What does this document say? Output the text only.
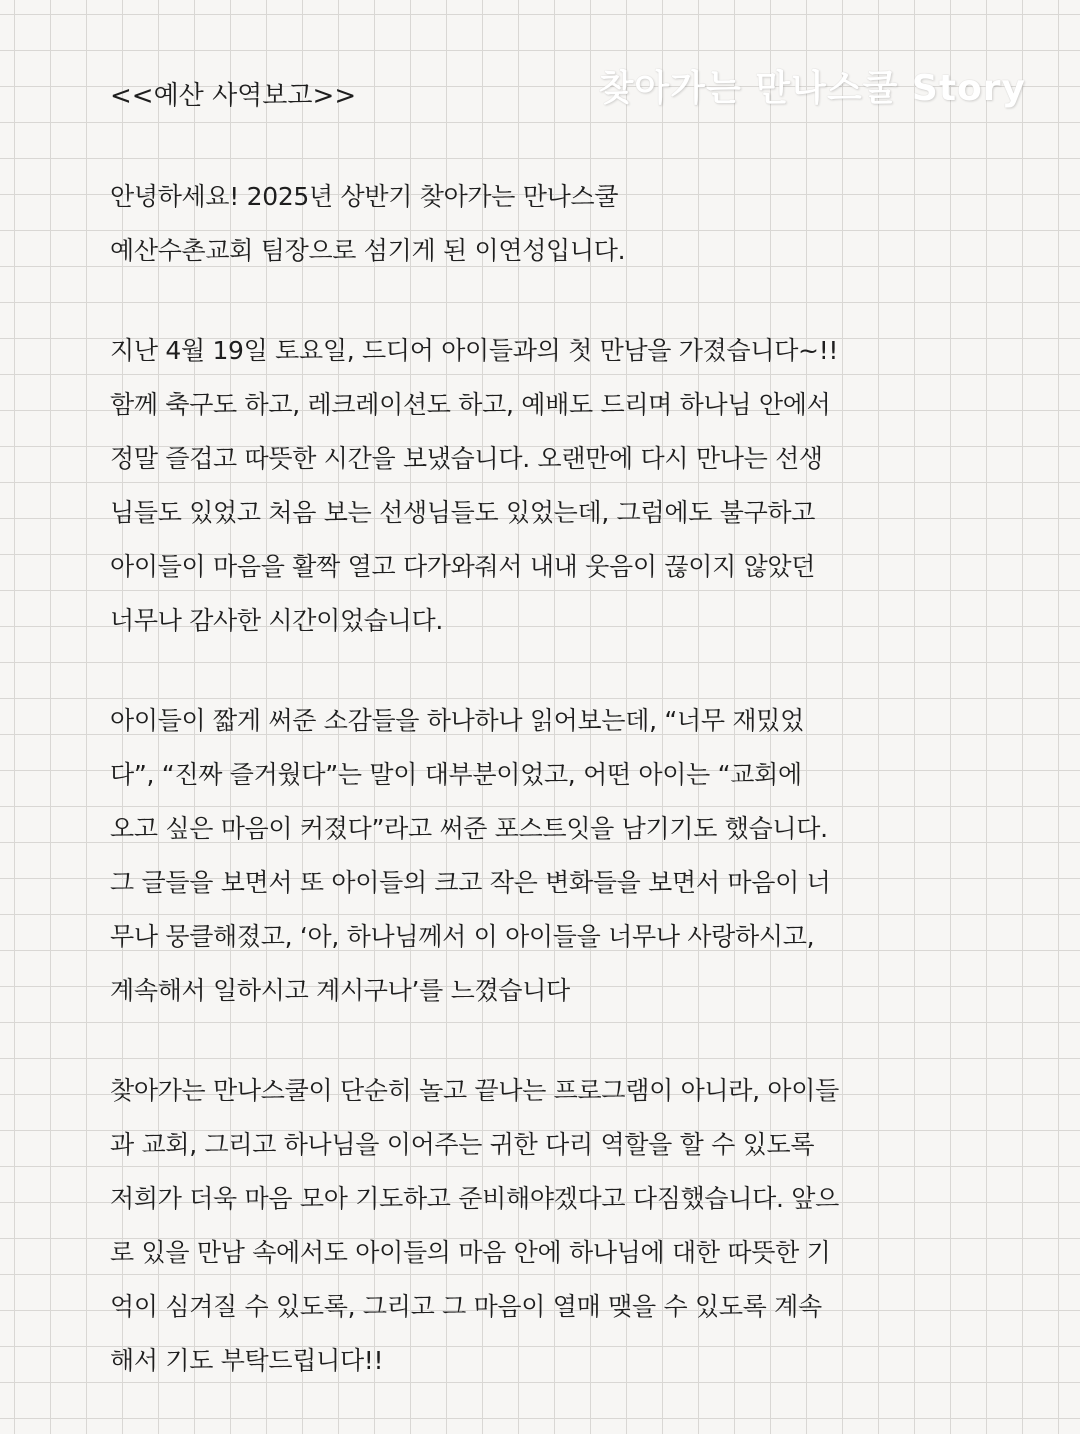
찾아가는 만나스쿨 Story
<<예산 사역보고>>
안녕하세요! 2025년 상반기 찾아가는 만나스쿨
예산수촌교회 팀장으로 섬기게 된 이연성입니다.
지난 4월 19일 토요일, 드디어 아이들과의 첫 만남을 가졌습니다~!!
함께 축구도 하고, 레크레이션도 하고, 예배도 드리며 하나님 안에서
정말 즐겁고 따뜻한 시간을 보냈습니다. 오랜만에 다시 만나는 선생
님들도 있었고 처음 보는 선생님들도 있었는데, 그럼에도 불구하고
아이들이 마음을 활짝 열고 다가와줘서 내내 웃음이 끊이지 않았던
너무나 감사한 시간이었습니다.
아이들이 짧게 써준 소감들을 하나하나 읽어보는데, “너무 재밌었
다”, “진짜 즐거웠다”는 말이 대부분이었고, 어떤 아이는 “교회에
오고 싶은 마음이 커졌다”라고 써준 포스트잇을 남기기도 했습니다.
그 글들을 보면서 또 아이들의 크고 작은 변화들을 보면서 마음이 너
무나 뭉클해졌고, ‘아, 하나님께서 이 아이들을 너무나 사랑하시고,
계속해서 일하시고 계시구나’를 느꼈습니다
찾아가는 만나스쿨이 단순히 놀고 끝나는 프로그램이 아니라, 아이들
과 교회, 그리고 하나님을 이어주는 귀한 다리 역할을 할 수 있도록
저희가 더욱 마음 모아 기도하고 준비해야겠다고 다짐했습니다. 앞으
로 있을 만남 속에서도 아이들의 마음 안에 하나님에 대한 따뜻한 기
억이 심겨질 수 있도록, 그리고 그 마음이 열매 맺을 수 있도록 계속
해서 기도 부탁드립니다!!
